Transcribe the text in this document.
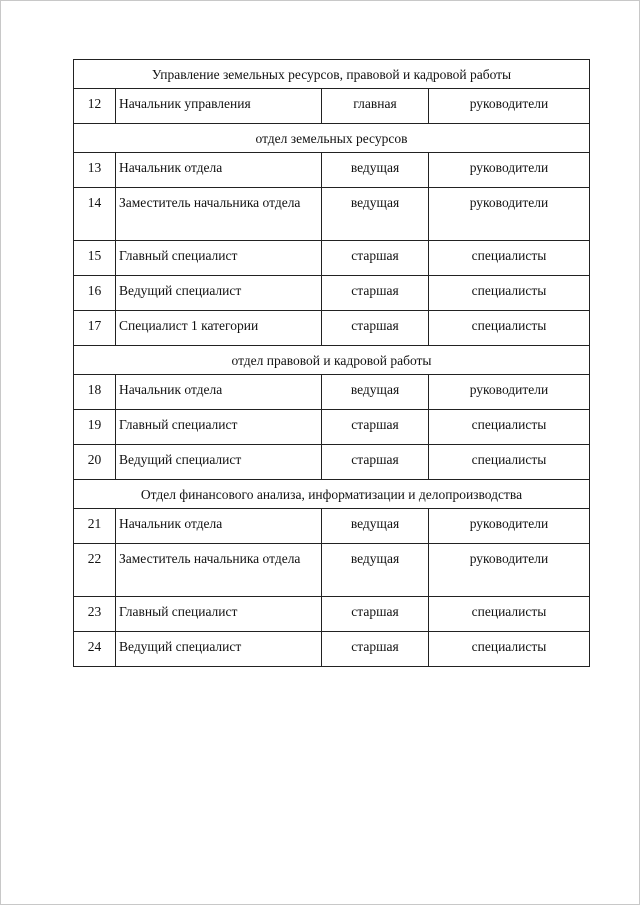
Управление земельных ресурсов, правовой и кадровой работы			
12	Начальник управления	главная	руководители
отдел земельных ресурсов			
13	Начальник отдела	ведущая	руководители
14	Заместитель начальника отдела	ведущая	руководители
15	Главный специалист	старшая	специалисты
16	Ведущий специалист	старшая	специалисты
17	Специалист 1 категории	старшая	специалисты
отдел правовой и кадровой работы			
18	Начальник отдела	ведущая	руководители
19	Главный специалист	старшая	специалисты
20	Ведущий специалист	старшая	специалисты
Отдел финансового анализа, информатизации и делопроизводства			
21	Начальник отдела	ведущая	руководители
22	Заместитель начальника отдела	ведущая	руководители
23	Главный специалист	старшая	специалисты
24	Ведущий специалист	старшая	специалисты
